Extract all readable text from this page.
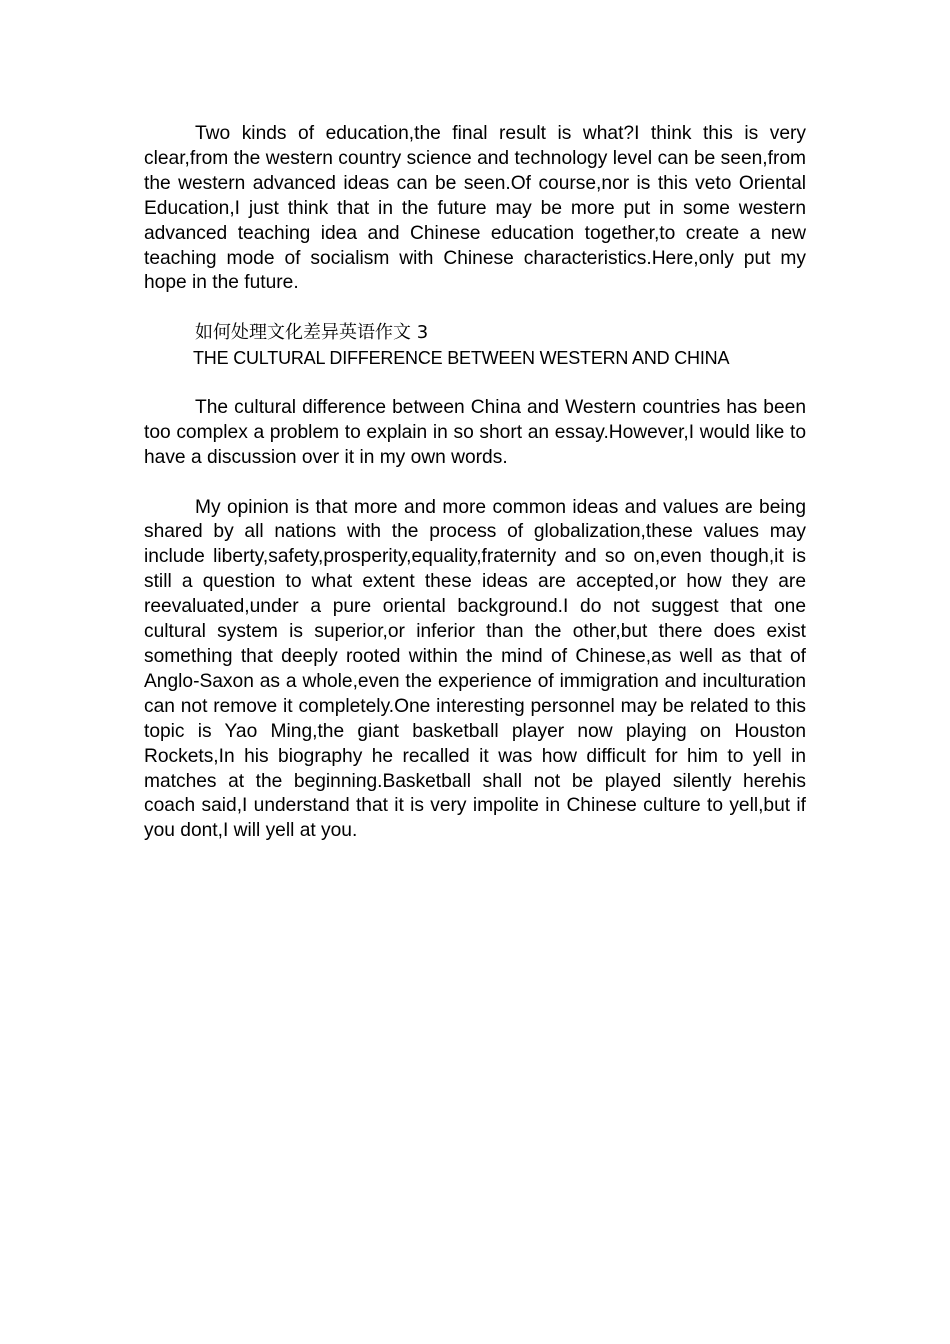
Two kinds of education,the final result is what?I think this is very clear,from the western country science and technology level can be seen,from the western advanced ideas can be seen.Of course,nor is this veto Oriental Education,I just think that in the future may be more put in some western advanced teaching idea and Chinese education together,to create a new teaching mode of socialism with Chinese characteristics.Here,only put my hope in the future.

如何处理文化差异英语作文 3

THE CULTURAL DIFFERENCE BETWEEN WESTERN AND CHINA

The cultural difference between China and Western countries has been too complex a problem to explain in so short an essay.However,I would like to have a discussion over it in my own words.

My opinion is that more and more common ideas and values are being shared by all nations with the process of globalization,these values may include liberty,safety,prosperity,equality,fraternity and so on,even though,it is still a question to what extent these ideas are accepted,or how they are reevaluated,under a pure oriental background.I do not suggest that one cultural system is superior,or inferior than the other,but there does exist something that deeply rooted within the mind of Chinese,as well as that of Anglo-Saxon as a whole,even the experience of immigration and inculturation can not remove it completely.One interesting personnel may be related to this topic is Yao Ming,the giant basketball player now playing on Houston Rockets,In his biography he recalled it was how difficult for him to yell in matches at the beginning.Basketball shall not be played silently herehis coach said,I understand that it is very impolite in Chinese culture to yell,but if you dont,I will yell at you.
